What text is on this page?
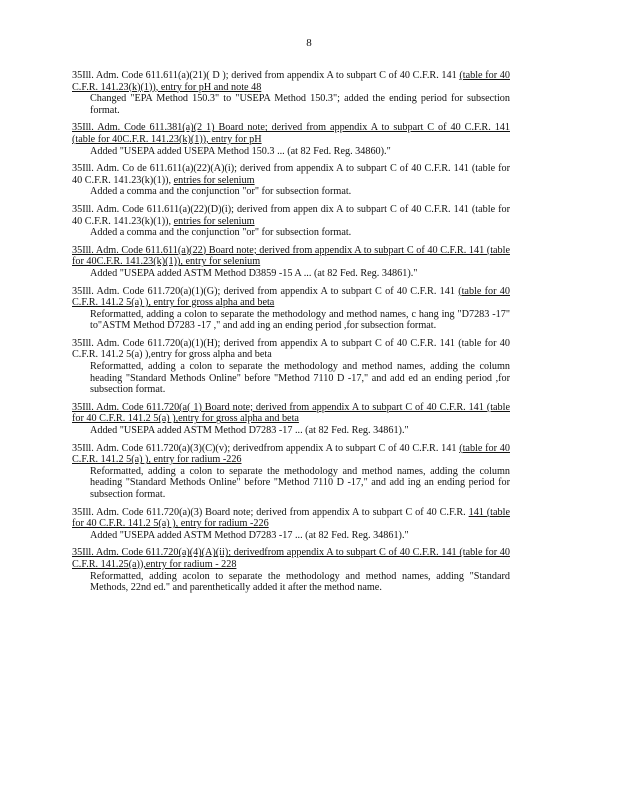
8
35Ill. Adm. Code 611.611(a)(21)( D ); derived from appendix A to subpart C of 40 C.F.R. 141 (table for 40 C.F.R. 141.23(k)(1)), entry for pH and note 48
Changed "EPA Method 150.3" to "USEPA Method 150.3"; added the ending period for subsection format.
35Ill. Adm. Code 611.381(a)(2 1) Board note; derived from appendix A to subpart C of 40 C.F.R. 141 (table for 40C.F.R. 141.23(k)(1)), entry for pH
Added "USEPA added USEPA Method 150.3 ... (at 82 Fed. Reg. 34860)."
35Ill. Adm. Co de 611.611(a)(22)(A)(i); derived from appendix A to subpart C of 40 C.F.R. 141 (table for 40 C.F.R. 141.23(k)(1)), entries for selenium
Added a comma and the conjunction "or" for subsection format.
35Ill. Adm. Code 611.611(a)(22)(D)(i); derived from appen dix A to subpart C of 40 C.F.R. 141 (table for 40 C.F.R. 141.23(k)(1)), entries for selenium
Added a comma and the conjunction "or" for subsection format.
35Ill. Adm. Code 611.611(a)(22) Board note; derived from appendix A to subpart C of 40 C.F.R. 141 (table for 40C.F.R. 141.23(k)(1)), entry for selenium
Added "USEPA added ASTM Method D3859 -15 A ... (at 82 Fed. Reg. 34861)."
35Ill. Adm. Code 611.720(a)(1)(G); derived from appendix A to subpart C of 40 C.F.R. 141 (table for 40 C.F.R. 141.2 5(a) ), entry for gross alpha and beta
Reformatted, adding a colon to separate the methodology and method names, c hang ing "D7283 -17" to"ASTM Method D7283 -17 ," and add ing an ending period ,for subsection format.
35Ill. Adm. Code 611.720(a)(1)(H); derived from appendix A to subpart C of 40 C.F.R. 141 (table for 40 C.F.R. 141.2 5(a) ),entry for gross alpha and beta
Reformatted, adding a colon to separate the methodology and method names, adding the column heading "Standard Methods Online" before "Method 7110 D -17," and add ed an ending period ,for subsection format.
35Ill. Adm. Code 611.720(a( 1) Board note; derived from appendix A to subpart C of 40 C.F.R. 141 (table for 40 C.F.R. 141.2 5(a) ),entry for gross alpha and beta
Added "USEPA added ASTM Method D7283 -17 ... (at 82 Fed. Reg. 34861)."
35Ill. Adm. Code 611.720(a)(3)(C)(v); derivedfrom appendix A to subpart C of 40 C.F.R. 141 (table for 40 C.F.R. 141.2 5(a) ), entry for radium -226
Reformatted, adding a colon to separate the methodology and method names, adding the column heading "Standard Methods Online" before "Method 7110 D -17," and add ing an ending period for subsection format.
35Ill. Adm. Code 611.720(a)(3) Board note; derived from appendix A to subpart C of 40 C.F.R. 141 (table for 40 C.F.R. 141.2 5(a) ), entry for radium -226
Added "USEPA added ASTM Method D7283 -17 ... (at 82 Fed. Reg. 34861)."
35Ill. Adm. Code 611.720(a)(4)(A)(ii); derivedfrom appendix A to subpart C of 40 C.F.R. 141 (table for 40 C.F.R. 141.25(a)),entry for radium - 228
Reformatted, adding acolon to separate the methodology and method names, adding "Standard Methods, 22nd ed." and parenthetically added it after the method name.
